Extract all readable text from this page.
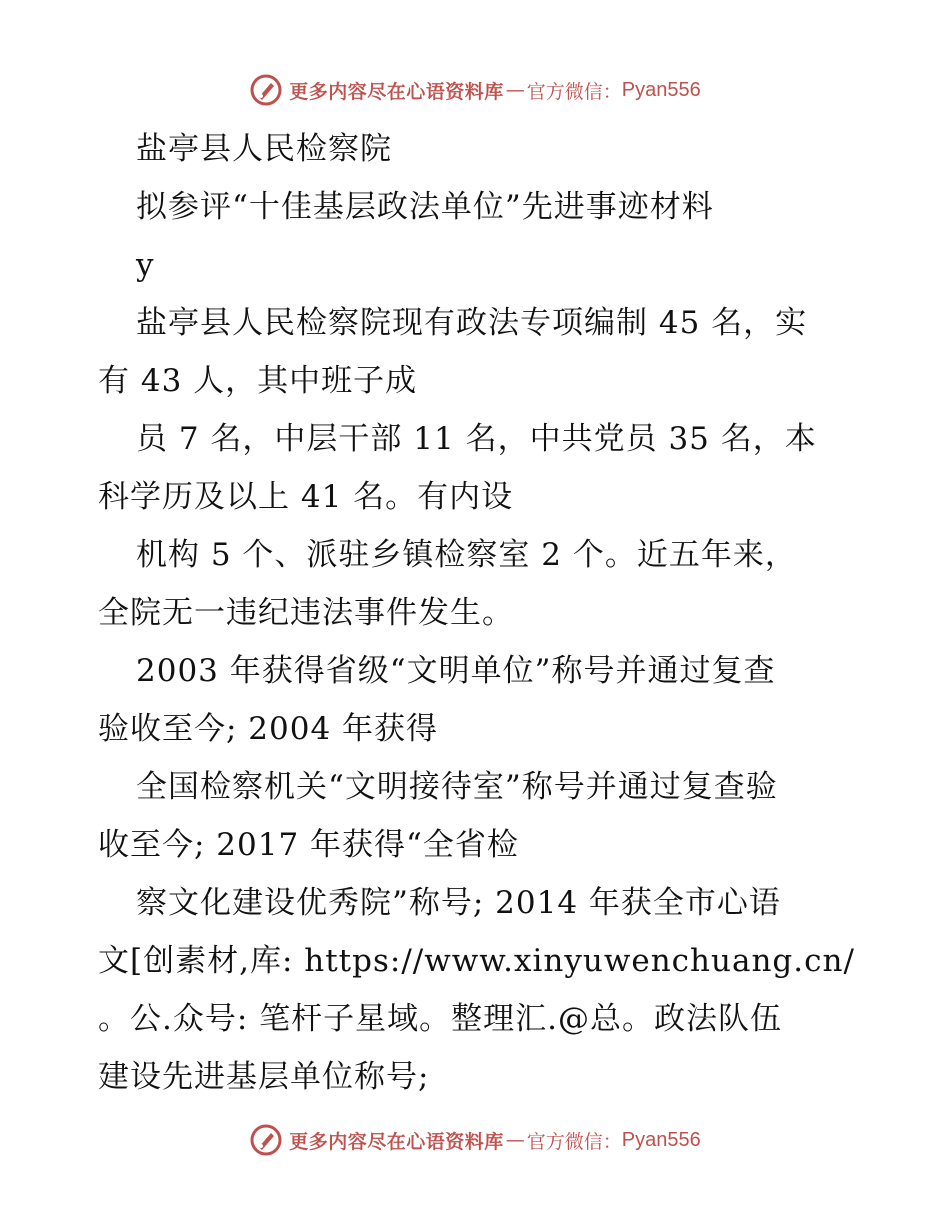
更多内容尽在心语资料库 — 官方微信： Pyan556

盐亭县人民检察院

拟参评“十佳基层政法单位”先进事迹材料

y

盐亭县人民检察院现有政法专项编制 45 名，实

有 43 人，其中班子成

员 7 名，中层干部 11 名，中共党员 35 名，本

科学历及以上 41 名。有内设

机构 5 个、派驻乡镇检察室 2 个。近五年来，

全院无一违纪违法事件发生。

2003 年获得省级“文明单位”称号并通过复查

验收至今; 2004 年获得

全国检察机关“文明接待室”称号并通过复查验

收至今; 2017 年获得“全省检

察文化建设优秀院”称号; 2014 年获全市心语

文[创素材,库: https://www.xinyuwenchuang.cn/

。公.众号: 笔杆子星域。整理汇.@总。政法队伍

建设先进基层单位称号;

更多内容尽在心语资料库 — 官方微信： Pyan556
